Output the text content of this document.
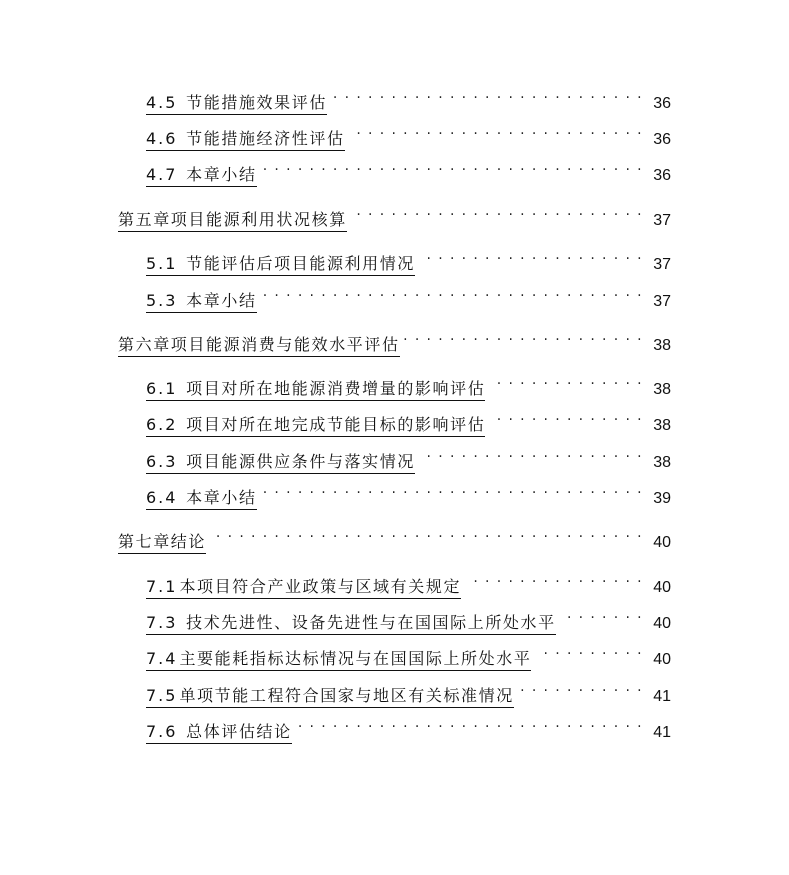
4.5 节能措施效果评估 . . .	36
4.6 节能措施经济性评估 . . .	36
4.7 本章小结 . . .	36
第五章项目能源利用状况核算 . . .	37
5.1 节能评估后项目能源利用情况 . . .	37
5.3 本章小结 . . .	37
第六章项目能源消费与能效水平评估 . . .	38
6.1 项目对所在地能源消费增量的影响评估 . . .	38
6.2 项目对所在地完成节能目标的影响评估 . . .	38
6.3 项目能源供应条件与落实情况 . . .	38
6.4 本章小结 . . .	39
第七章结论 . . .	40
7.1 本项目符合产业政策与区域有关规定 . . .	40
7.3 技术先进性、设备先进性与在国国际上所处水平 . . .	40
7.4 主要能耗指标达标情况与在国国际上所处水平 . . .	40
7.5 单项节能工程符合国家与地区有关标准情况 . . .	41
7.6 总体评估结论 . . .	41
